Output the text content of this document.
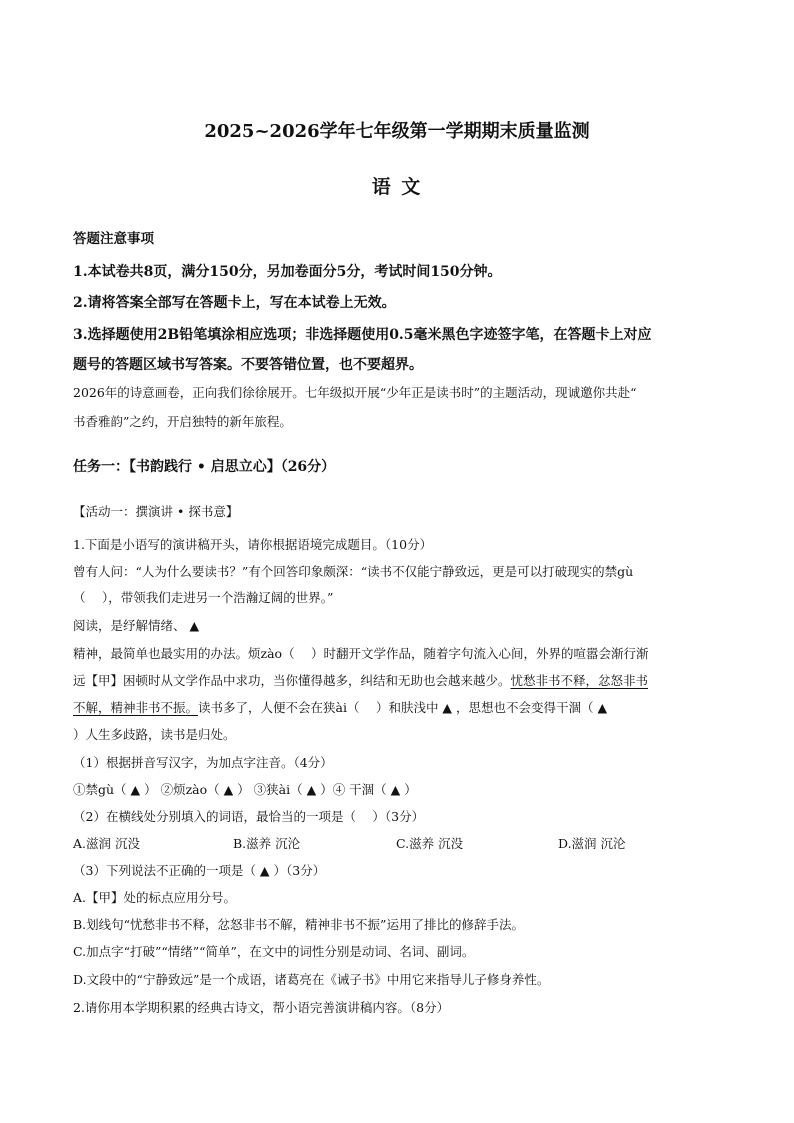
2025~2026学年七年级第一学期期末质量监测
语 文
答题注意事项
1.本试卷共8页，满分150分，另加卷面分5分，考试时间150分钟。
2.请将答案全部写在答题卡上，写在本试卷上无效。
3.选择题使用2B铅笔填涂相应选项；非选择题使用0.5毫米黑色字迹签字笔，在答题卡上对应
题号的答题区域书写答案。不要答错位置，也不要超界。
2026年的诗意画卷，正向我们徐徐展开。七年级拟开展“少年正是读书时”的主题活动，现诚邀你共赴“
书香雅韵”之约，开启独特的新年旅程。
任务一：【书韵践行 • 启思立心】（26分）
【活动一：撰演讲 • 探书意】
1.下面是小语写的演讲稿开头，请你根据语境完成题目。（10分）
曾有人问：“人为什么要读书？”有个回答印象颇深：“读书不仅能宁静致远，更是可以打破现实的禁gù
（　 ），带领我们走进另一个浩瀚辽阔的世界。”
阅读，是纾解情绪、 ▲
精神，最简单也最实用的办法。烦zào（　 ）时翻开文学作品，随着字句流入心间，外界的喧嚣会渐行渐
远【甲】困顿时从文学作品中求功，当你懂得越多，纠结和无助也会越来越少。忧愁非书不释，忿怒非书
不解，精神非书不振。读书多了，人便不会在狭ài（　 ）和肤浅中 ▲ ，思想也不会变得干涸（ ▲
）人生多歧路，读书是归处。
（1）根据拼音写汉字，为加点字注音。（4分）
①禁gù（ ▲ ） ②烦zào（ ▲ ） ③狭ài（ ▲ ）④ 干涸（ ▲ ）
（2）在横线处分别填入的词语，最恰当的一项是（　 ）（3分）
A.滋润 沉没	B.滋养 沉沦	C.滋养 沉没	D.滋润 沉沦
（3）下列说法不正确的一项是（ ▲ ）（3分）
A.【甲】处的标点应用分号。
B.划线句“忧愁非书不释，忿怒非书不解，精神非书不振”运用了排比的修辞手法。
C.加点字“打破”“情绪”“简单”，在文中的词性分别是动词、名词、副词。
D.文段中的“宁静致远”是一个成语，诸葛亮在《诫子书》中用它来指导儿子修身养性。
2.请你用本学期积累的经典古诗文，帮小语完善演讲稿内容。（8分）
